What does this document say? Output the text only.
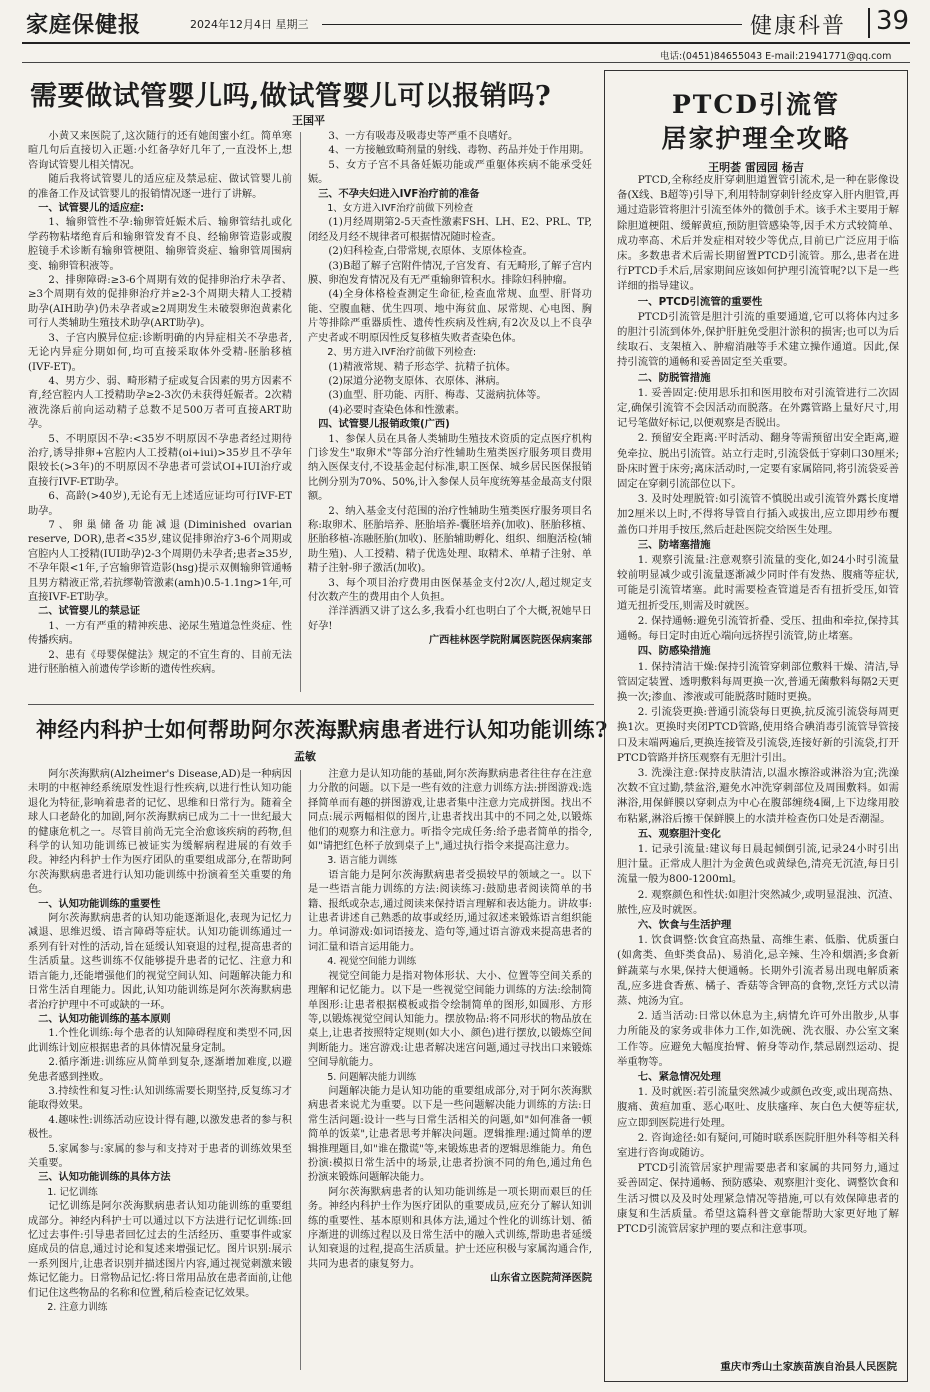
家庭保健报	2024年12月4日 星期三	健康科普 39
电话:(0451)84655043 E-mail:21941771@qq.com
需要做试管婴儿吗,做试管婴儿可以报销吗?
王国平

小黄又来医院了,这次随行的还有她闺蜜小红。简单寒暄几句后直接切入正题:小红备孕好几年了,一直没怀上,想咨询试管婴儿相关情况。

随后我将试管婴儿的适应症及禁忌症、做试管婴儿前的准备工作及试管婴儿的报销情况逐一进行了讲解。

一、试管婴儿的适应症:

1、输卵管性不孕:输卵管妊娠术后、输卵管结扎或化学药物粘堵绝育后和输卵管发育不良、经输卵管造影或腹腔镜手术诊断有输卵管梗阻、输卵管炎症、输卵管周围病变、输卵管积液等。

2、排卵障碍:≥3-6个周期有效的促排卵治疗未孕者、≥3个周期有效的促排卵治疗并≥2-3个周期夫精人工授精助孕(AIH助孕)仍未孕者或≥2周期发生未破裂卵泡黄素化可行人类辅助生殖技术助孕(ART助孕)。

3、子宫内膜异位症:诊断明确的内异症相关不孕患者,无论内异症分期如何,均可直接采取体外受精-胚胎移植(IVF-ET)。

4、男方少、弱、畸形精子症或复合因素的男方因素不育,经宫腔内人工授精助孕≥2-3次仍未获得妊娠者。2次精液洗涤后前向运动精子总数不足500万者可直接ART助孕。

5、不明原因不孕:<35岁不明原因不孕患者经过期待治疗,诱导排卵+宫腔内人工授精(oi+iui)>35岁且不孕年限较长(>3年)的不明原因不孕患者可尝试OI+IUI治疗或直接行IVF-ET助孕。

6、高龄(>40岁),无论有无上述适应证均可行IVF-ET助孕。

7、卵巢储备功能减退(Diminished ovarian reserve, DOR),患者<35岁,建议促排卵治疗3-6个周期或宫腔内人工授精(IUI助孕)2-3个周期仍未孕者;患者≥35岁,不孕年限<1年,子宫输卵管造影(hsg)提示双侧输卵管通畅且男方精液正常,若抗缪勒管激素(amh)0.5-1.1ng>1年,可直接IVF-ET助孕。

二、试管婴儿的禁忌证

1、一方有严重的精神疾患、泌尿生殖道急性炎症、性传播疾病。

2、患有《母婴保健法》规定的不宜生育的、目前无法进行胚胎植入前遗传学诊断的遗传性疾病。

3、一方有吸毒及吸毒史等严重不良嗜好。

4、一方接触致畸剂量的射线、毒物、药品并处于作用期。

5、女方子宫不具备妊娠功能或严重躯体疾病不能承受妊娠。

三、不孕夫妇进入IVF治疗前的准备

1、女方进入IVF治疗前做下列检查

(1)月经周期第2-5天查性激素FSH、LH、E2、PRL、TP,闭经及月经不规律者可根据情况随时检查。

(2)妇科检查,白带常规,衣原体、支原体检查。

(3)B超了解子宫附件情况,子宫发育、有无畸形,了解子宫内膜、卵泡发育情况及有无严重输卵管积水。排除妇科肿瘤。

(4)全身体格检查测定生命征,检查血常规、血型、肝肾功能、空腹血糖、优生四项、地中海贫血、尿常规、心电图、胸片等排除严重器质性、遗传性疾病及性病,有2次及以上不良孕产史者或不明原因性反复移植失败者查染色体。

2、男方进入IVF治疗前做下列检查:

(1)精液常规、精子形态学、抗精子抗体。

(2)尿道分泌物支原体、衣原体、淋病。

(3)血型、肝功能、丙肝、梅毒、艾滋病抗体等。

(4)必要时查染色体和性激素。

四、试管婴儿报销政策(广西)

1、参保人员在具备人类辅助生殖技术资质的定点医疗机构门诊发生"取卵术"等部分治疗性辅助生殖类医疗服务项目费用纳入医保支付,不设基金起付标准,职工医保、城乡居民医保报销比例分别为70%、50%,计入参保人员年度统筹基金最高支付限额。

2、纳入基金支付范围的治疗性辅助生殖类医疗服务项目名称:取卵术、胚胎培养、胚胎培养-囊胚培养(加收)、胚胎移植、胚胎移植-冻融胚胎(加收)、胚胎辅助孵化、组织、细胞活检(辅助生殖)、人工授精、精子优选处理、取精术、单精子注射、单精子注射-卵子激活(加收)。

3、每个项目治疗费用由医保基金支付2次/人,超过规定支付次数产生的费用由个人负担。

洋洋洒洒又讲了这么多,我看小红也明白了个大概,祝她早日好孕!

广西桂林医学院附属医院医保病案部

神经内科护士如何帮助阿尔茨海默病患者进行认知功能训练?
孟敏

阿尔茨海默病(Alzheimer's Disease,AD)是一种病因未明的中枢神经系统原发性退行性疾病,以进行性认知功能退化为特征,影响着患者的记忆、思维和日常行为。随着全球人口老龄化的加剧,阿尔茨海默病已成为二十一世纪最大的健康危机之一。尽管目前尚无完全治愈该疾病的药物,但科学的认知功能训练已被证实为缓解病程进展的有效手段。神经内科护士作为医疗团队的重要组成部分,在帮助阿尔茨海默病患者进行认知功能训练中扮演着至关重要的角色。

一、认知功能训练的重要性

阿尔茨海默病患者的认知功能逐渐退化,表现为记忆力减退、思维迟缓、语言障碍等症状。认知功能训练通过一系列有针对性的活动,旨在延缓认知衰退的过程,提高患者的生活质量。这些训练不仅能够提升患者的记忆、注意力和语言能力,还能增强他们的视觉空间认知、问题解决能力和日常生活自理能力。因此,认知功能训练是阿尔茨海默病患者治疗护理中不可或缺的一环。

二、认知功能训练的基本原则

1.个性化训练:每个患者的认知障碍程度和类型不同,因此训练计划应根据患者的具体情况量身定制。

2.循序渐进:训练应从简单到复杂,逐渐增加难度,以避免患者感到挫败。

3.持续性和复习性:认知训练需要长期坚持,反复练习才能取得效果。

4.趣味性:训练活动应设计得有趣,以激发患者的参与积极性。

5.家属参与:家属的参与和支持对于患者的训练效果至关重要。

三、认知功能训练的具体方法

1. 记忆训练

记忆训练是阿尔茨海默病患者认知功能训练的重要组成部分。神经内科护士可以通过以下方法进行记忆训练:回忆过去事件:引导患者回忆过去的生活经历、重要事件或家庭成员的信息,通过讨论和复述来增强记忆。图片识别:展示一系列图片,让患者识别并描述图片内容,通过视觉刺激来锻炼记忆能力。日常物品记忆:将日常用品放在患者面前,让他们记住这些物品的名称和位置,稍后检查记忆效果。

2. 注意力训练

注意力是认知功能的基础,阿尔茨海默病患者往往存在注意力分散的问题。以下是一些有效的注意力训练方法:拼图游戏:选择简单而有趣的拼图游戏,让患者集中注意力完成拼图。找出不同点:展示两幅相似的图片,让患者找出其中的不同之处,以锻炼他们的观察力和注意力。听指令完成任务:给予患者简单的指令,如"请把红色杯子放到桌子上",通过执行指令来提高注意力。

3. 语言能力训练

语言能力是阿尔茨海默病患者受损较早的领域之一。以下是一些语言能力训练的方法:阅读练习:鼓励患者阅读简单的书籍、报纸或杂志,通过阅读来保持语言理解和表达能力。讲故事:让患者讲述自己熟悉的故事或经历,通过叙述来锻炼语言组织能力。单词游戏:如词语接龙、造句等,通过语言游戏来提高患者的词汇量和语言运用能力。

4. 视觉空间能力训练

视觉空间能力是指对物体形状、大小、位置等空间关系的理解和记忆能力。以下是一些视觉空间能力训练的方法:绘制简单图形:让患者根据模板或指令绘制简单的图形,如圆形、方形等,以锻炼视觉空间认知能力。摆放物品:将不同形状的物品放在桌上,让患者按照特定规则(如大小、颜色)进行摆放,以锻炼空间判断能力。迷宫游戏:让患者解决迷宫问题,通过寻找出口来锻炼空间导航能力。

5. 问题解决能力训练

问题解决能力是认知功能的重要组成部分,对于阿尔茨海默病患者来说尤为重要。以下是一些问题解决能力训练的方法:日常生活问题:设计一些与日常生活相关的问题,如"如何准备一顿简单的饭菜",让患者思考并解决问题。逻辑推理:通过简单的逻辑推理题目,如"谁在撒谎"等,来锻炼患者的逻辑思维能力。角色扮演:模拟日常生活中的场景,让患者扮演不同的角色,通过角色扮演来锻炼问题解决能力。

阿尔茨海默病患者的认知功能训练是一项长期而艰巨的任务。神经内科护士作为医疗团队的重要成员,应充分了解认知训练的重要性、基本原则和具体方法,通过个性化的训练计划、循序渐进的训练过程以及日常生活中的融入式训练,帮助患者延缓认知衰退的过程,提高生活质量。护士还应积极与家属沟通合作,共同为患者的康复努力。

山东省立医院菏泽医院

PTCD引流管
居家护理全攻略
王明荟 雷园园 杨吉

PTCD,全称经皮肝穿刺胆道置管引流术,是一种在影像设备(X线、B超等)引导下,利用特制穿刺针经皮穿入肝内胆管,再通过造影管将胆汁引流至体外的微创手术。该手术主要用于解除胆道梗阻、缓解黄疸,预防胆管感染等,因手术方式较简单、成功率高、术后并发症相对较少等优点,目前已广泛应用于临床。多数患者术后需长期留置PTCD引流管。那么,患者在进行PTCD手术后,居家期间应该如何护理引流管呢?以下是一些详细的指导建议。

一、PTCD引流管的重要性

PTCD引流管是胆汁引流的重要通道,它可以将体内过多的胆汁引流到体外,保护肝脏免受胆汁淤积的损害;也可以为后续取石、支架植入、肿瘤消融等手术建立操作通道。因此,保持引流管的通畅和妥善固定至关重要。

二、防脱管措施

1. 妥善固定:使用思乐扣和医用胶布对引流管进行二次固定,确保引流管不会因活动而脱落。在外露管路上量好尺寸,用记号笔做好标记,以便观察是否脱出。

2. 预留安全距离:平时活动、翻身等需预留出安全距离,避免牵拉、脱出引流管。站立行走时,引流袋低于穿刺口30厘米;卧床时置于床旁;离床活动时,一定要有家属陪同,将引流袋妥善固定在穿刺引流部位以下。

3. 及时处理脱管:如引流管不慎脱出或引流管外露长度增加2厘米以上时,不得将导管自行插入或拔出,应立即用纱布覆盖伤口并用手按压,然后赶赴医院交给医生处理。

三、防堵塞措施

1. 观察引流量:注意观察引流量的变化,如24小时引流量较前明显减少或引流量逐渐减少同时伴有发热、腹痛等症状,可能是引流管堵塞。此时需要检查管道是否有扭折受压,如管道无扭折受压,则需及时就医。

2. 保持通畅:避免引流管折叠、受压、扭曲和牵拉,保持其通畅。每日定时由近心端向远挤捏引流管,防止堵塞。

四、防感染措施

1. 保持清洁干燥:保持引流管穿刺部位敷料干燥、清洁,导管固定装置、透明敷料每周更换一次,普通无菌敷料每隔2天更换一次;渗血、渗液或可能脱落时随时更换。

2. 引流袋更换:普通引流袋每日更换,抗反流引流袋每周更换1次。更换时夹闭PTCD管路,使用络合碘消毒引流管导管接口及末端两遍后,更换连接管及引流袋,连接好新的引流袋,打开PTCD管路并挤压观察有无胆汁引出。

3. 洗澡注意:保持皮肤清洁,以温水擦浴或淋浴为宜;洗澡次数不宜过勤,禁盆浴,避免水冲洗穿刺部位及周围敷料。如需淋浴,用保鲜膜以穿刺点为中心在腹部缠绕4圈,上下边缘用胶布粘紧,淋浴后擦干保鲜膜上的水渍并检查伤口处是否潮湿。

五、观察胆汁变化

1. 记录引流量:建议每日晨起倾倒引流,记录24小时引出胆汁量。正常成人胆汁为金黄色或黄绿色,清亮无沉渣,每日引流量一般为800-1200ml。

2. 观察颜色和性状:如胆汁突然减少,或明显混浊、沉渣、脓性,应及时就医。

六、饮食与生活护理

1. 饮食调整:饮食宜高热量、高维生素、低脂、优质蛋白(如禽类、鱼虾类食品)、易消化,忌辛辣、生冷和烟酒;多食新鲜蔬菜与水果,保持大便通畅。长期外引流者易出现电解质紊乱,应多进食香蕉、橘子、香菇等含钾高的食物,烹饪方式以清蒸、炖汤为宜。

2. 适当活动:日常以休息为主,病情允许可外出散步,从事力所能及的家务或非体力工作,如洗碗、洗衣服、办公室文案工作等。应避免大幅度抬臂、俯身等动作,禁忌剧烈运动、提举重物等。

七、紧急情况处理

1. 及时就医:若引流量突然减少或颜色改变,或出现高热、腹痛、黄疸加重、恶心呕吐、皮肤瘙痒、灰白色大便等症状,应立即到医院进行处理。

2. 咨询途径:如有疑问,可随时联系医院肝胆外科等相关科室进行咨询或随访。

PTCD引流管居家护理需要患者和家属的共同努力,通过妥善固定、保持通畅、预防感染、观察胆汁变化、调整饮食和生活习惯以及及时处理紧急情况等措施,可以有效保障患者的康复和生活质量。希望这篇科普文章能帮助大家更好地了解PTCD引流管居家护理的要点和注意事项。

重庆市秀山土家族苗族自治县人民医院
